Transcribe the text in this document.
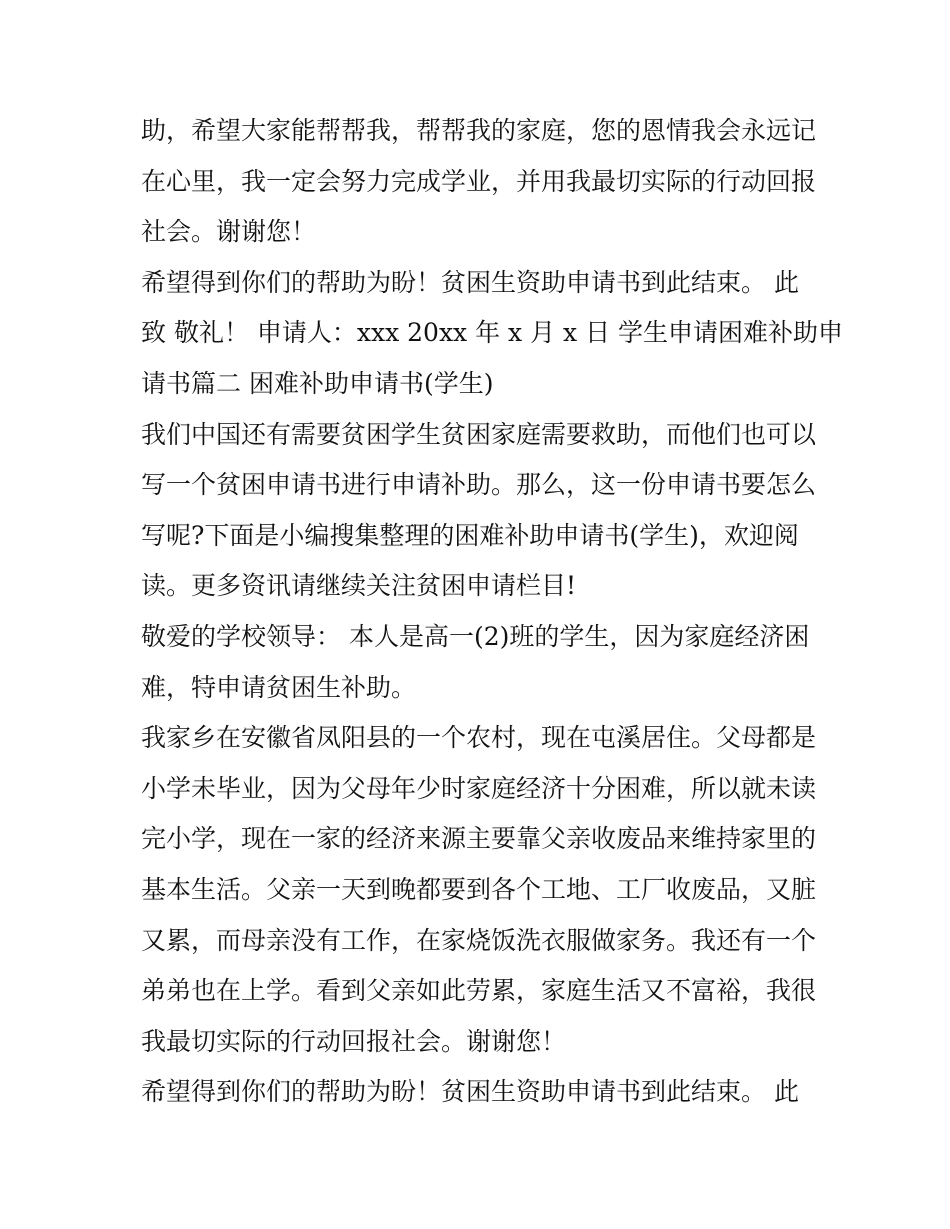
助，希望大家能帮帮我，帮帮我的家庭，您的恩情我会永远记
在心里，我一定会努力完成学业，并用我最切实际的行动回报
社会。谢谢您！
希望得到你们的帮助为盼！贫困生资助申请书到此结束。 此
致 敬礼！ 申请人：xxx 20xx 年 x 月 x 日 学生申请困难补助申
请书篇二 困难补助申请书(学生)
我们中国还有需要贫困学生贫困家庭需要救助，而他们也可以
写一个贫困申请书进行申请补助。那么，这一份申请书要怎么
写呢?下面是小编搜集整理的困难补助申请书(学生)，欢迎阅
读。更多资讯请继续关注贫困申请栏目!
敬爱的学校领导： 本人是高一(2)班的学生，因为家庭经济困
难，特申请贫困生补助。
我家乡在安徽省凤阳县的一个农村，现在屯溪居住。父母都是
小学未毕业，因为父母年少时家庭经济十分困难，所以就未读
完小学，现在一家的经济来源主要靠父亲收废品来维持家里的
基本生活。父亲一天到晚都要到各个工地、工厂收废品，又脏
又累，而母亲没有工作，在家烧饭洗衣服做家务。我还有一个
弟弟也在上学。看到父亲如此劳累，家庭生活又不富裕，我很
我最切实际的行动回报社会。谢谢您！
希望得到你们的帮助为盼！贫困生资助申请书到此结束。 此
